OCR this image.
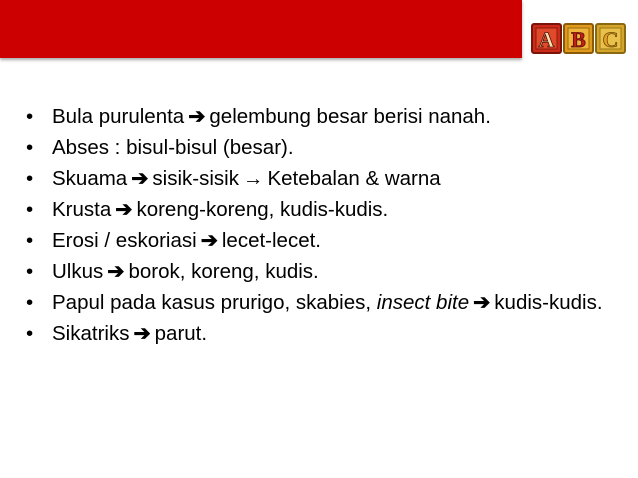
A B C
• Bula purulenta ➔ gelembung besar berisi nanah.
• Abses : bisul-bisul (besar).
• Skuama ➔ sisik-sisik → Ketebalan & warna
• Krusta ➔ koreng-koreng, kudis-kudis.
• Erosi / eskoriasi ➔ lecet-lecet.
• Ulkus ➔ borok, koreng, kudis.
• Papul pada kasus prurigo, skabies, insect bite ➔ kudis-kudis.
• Sikatriks ➔ parut.
